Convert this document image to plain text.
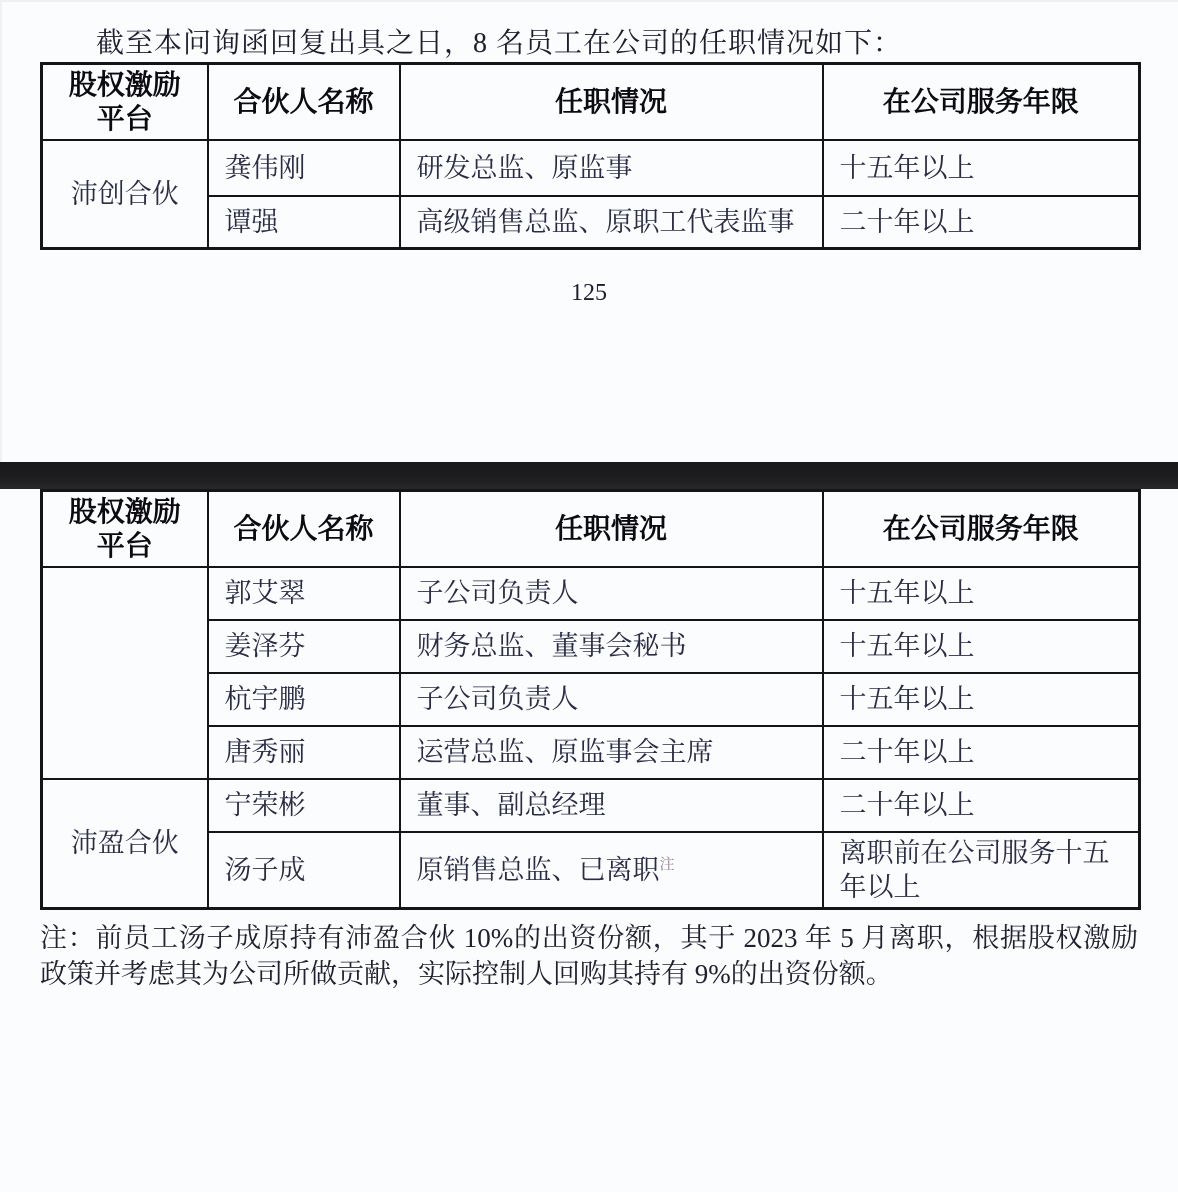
截至本问询函回复出具之日，8 名员工在公司的任职情况如下：

股权激励
平台	合伙人名称	任职情况	在公司服务年限
沛创合伙	龚伟刚	研发总监、原监事	十五年以上
	谭强	高级销售总监、原职工代表监事	二十年以上
125
股权激励
平台	合伙人名称	任职情况	在公司服务年限
	郭艾翠	子公司负责人	十五年以上
	姜泽芬	财务总监、董事会秘书	十五年以上
	杭宇鹏	子公司负责人	十五年以上
	唐秀丽	运营总监、原监事会主席	二十年以上
沛盈合伙	宁荣彬	董事、副总经理	二十年以上
	汤子成	原销售总监、已离职$^注$	离职前在公司服务十五年以上

注：前员工汤子成原持有沛盈合伙 10%的出资份额，其于 2023 年 5 月离职，根据股权激励
政策并考虑其为公司所做贡献，实际控制人回购其持有 9%的出资份额。
